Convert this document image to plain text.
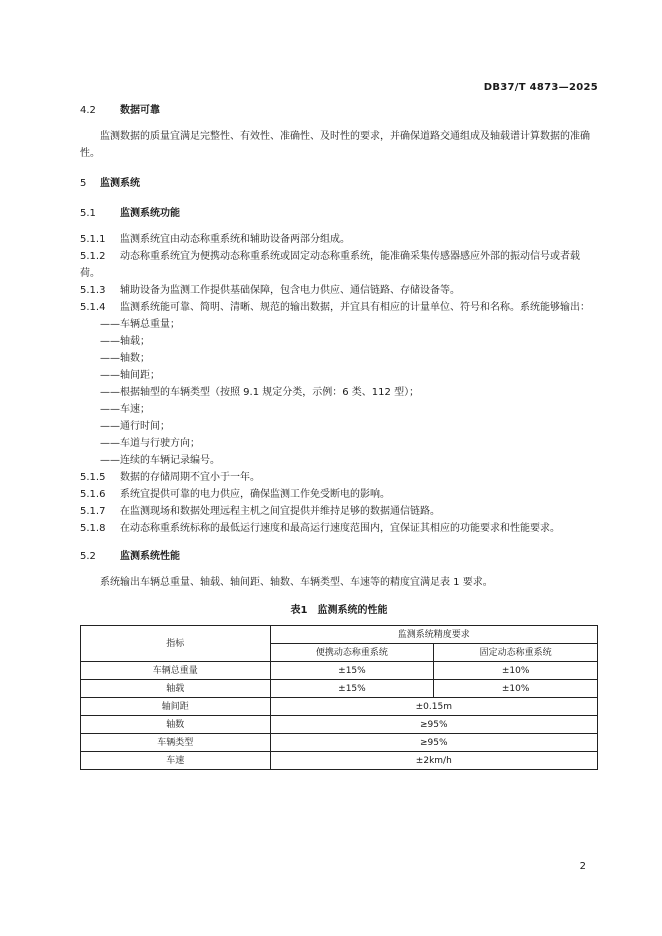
DB37/T 4873—2025

4.2 数据可靠

监测数据的质量宜满足完整性、有效性、准确性、及时性的要求，并确保道路交通组成及轴载谱计算数据的准确性。

5 监测系统

5.1 监测系统功能

5.1.1 监测系统宜由动态称重系统和辅助设备两部分组成。

5.1.2 动态称重系统宜为便携动态称重系统或固定动态称重系统，能准确采集传感器感应外部的振动信号或者载荷。

5.1.3 辅助设备为监测工作提供基础保障，包含电力供应、通信链路、存储设备等。

5.1.4 监测系统能可靠、简明、清晰、规范的输出数据，并宜具有相应的计量单位、符号和名称。系统能够输出：

——车辆总重量；

——轴载；

——轴数；

——轴间距；

——根据轴型的车辆类型（按照 9.1 规定分类，示例：6 类、112 型）；

——车速；

——通行时间；

——车道与行驶方向；

——连续的车辆记录编号。

5.1.5 数据的存储周期不宜小于一年。

5.1.6 系统宜提供可靠的电力供应，确保监测工作免受断电的影响。

5.1.7 在监测现场和数据处理远程主机之间宜提供并维持足够的数据通信链路。

5.1.8 在动态称重系统标称的最低运行速度和最高运行速度范围内，宜保证其相应的功能要求和性能要求。

5.2 监测系统性能

系统输出车辆总重量、轴载、轴间距、轴数、车辆类型、车速等的精度宜满足表 1 要求。

表1　监测系统的性能

指标	监测系统精度要求	
	便携动态称重系统	固定动态称重系统
车辆总重量	±15%	±10%
轴载	±15%	±10%
轴间距	±0.15m	
轴数	≥95%	
车辆类型	≥95%	
车速	±2km/h	
2
